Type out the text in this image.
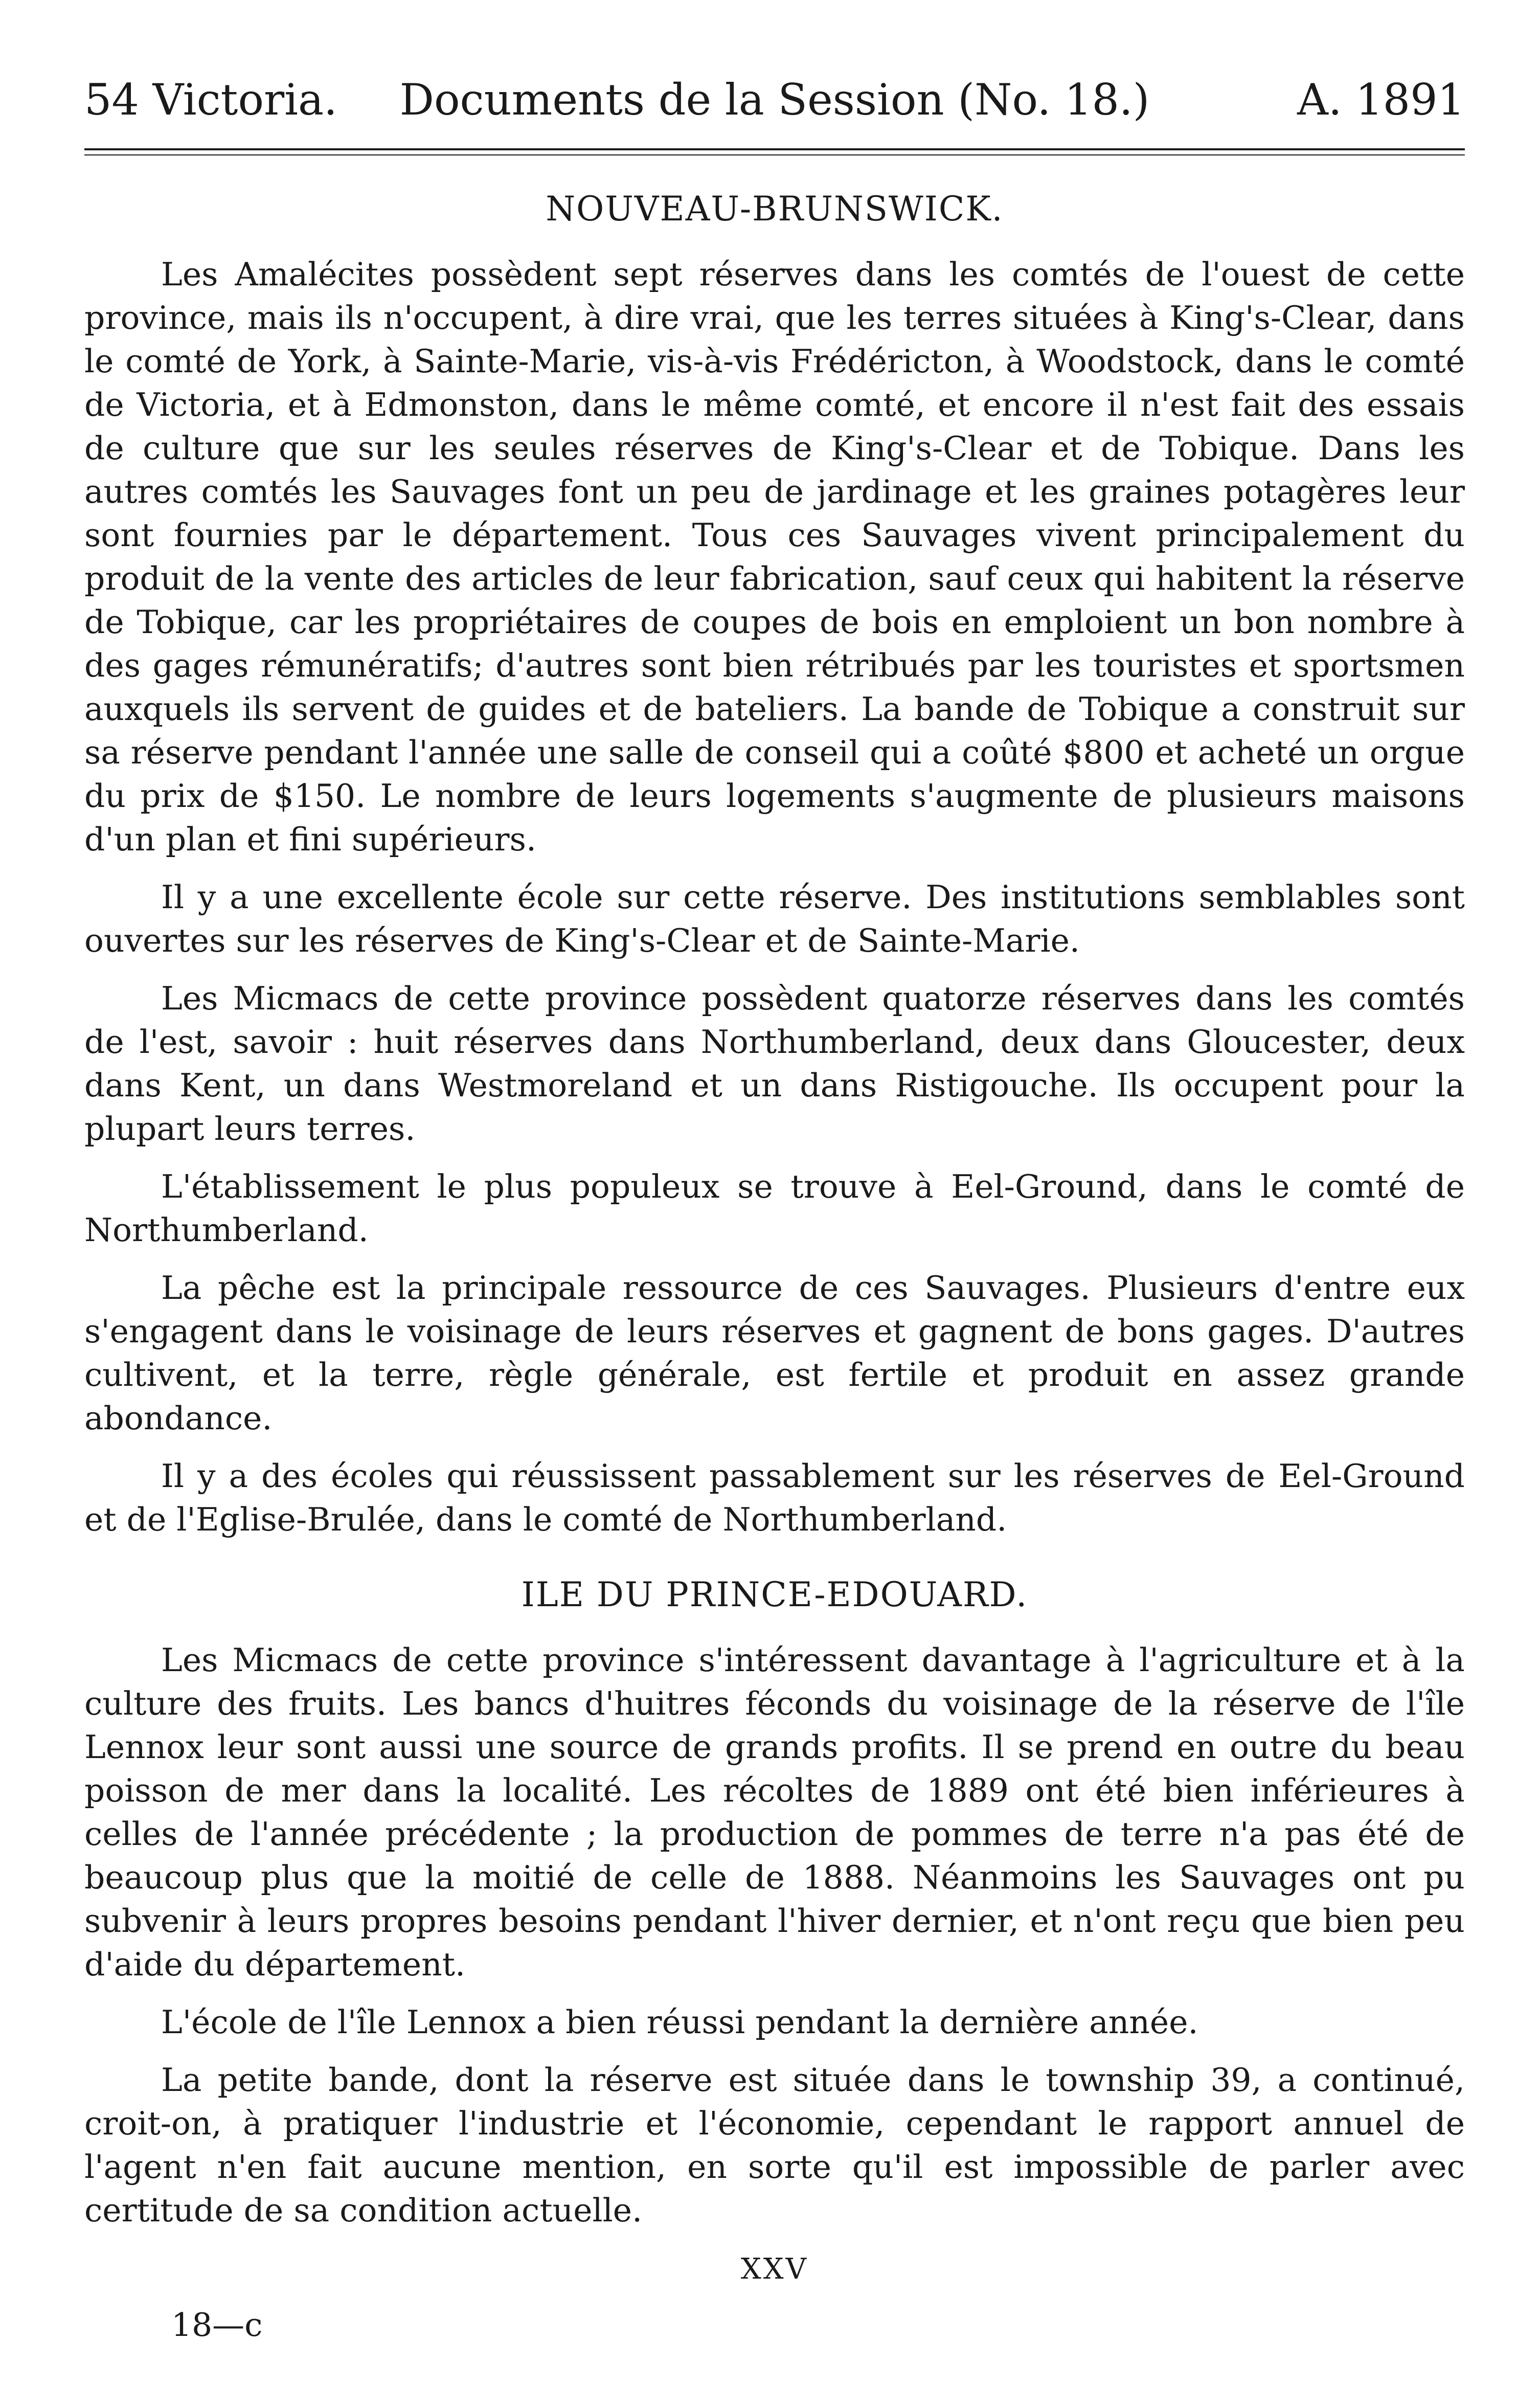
54 Victoria.	Documents de la Session (No. 18.)	A. 1891
NOUVEAU-BRUNSWICK.

Les Amalécites possèdent sept réserves dans les comtés de l'ouest de cette province, mais ils n'occupent, à dire vrai, que les terres situées à King's-Clear, dans le comté de York, à Sainte-Marie, vis-à-vis Frédéricton, à Woodstock, dans le comté de Victoria, et à Edmonston, dans le même comté, et encore il n'est fait des essais de culture que sur les seules réserves de King's-Clear et de Tobique. Dans les autres comtés les Sauvages font un peu de jardinage et les graines potagères leur sont fournies par le département. Tous ces Sauvages vivent principalement du produit de la vente des articles de leur fabrication, sauf ceux qui habitent la réserve de Tobique, car les propriétaires de coupes de bois en emploient un bon nombre à des gages rémunératifs; d'autres sont bien rétribués par les touristes et sportsmen auxquels ils servent de guides et de bateliers. La bande de Tobique a construit sur sa réserve pendant l'année une salle de conseil qui a coûté $800 et acheté un orgue du prix de $150. Le nombre de leurs logements s'augmente de plusieurs maisons d'un plan et fini supérieurs.

Il y a une excellente école sur cette réserve. Des institutions semblables sont ouvertes sur les réserves de King's-Clear et de Sainte-Marie.

Les Micmacs de cette province possèdent quatorze réserves dans les comtés de l'est, savoir : huit réserves dans Northumberland, deux dans Gloucester, deux dans Kent, un dans Westmoreland et un dans Ristigouche. Ils occupent pour la plupart leurs terres.

L'établissement le plus populeux se trouve à Eel-Ground, dans le comté de Northumberland.

La pêche est la principale ressource de ces Sauvages. Plusieurs d'entre eux s'engagent dans le voisinage de leurs réserves et gagnent de bons gages. D'autres cultivent, et la terre, règle générale, est fertile et produit en assez grande abondance.

Il y a des écoles qui réussissent passablement sur les réserves de Eel-Ground et de l'Eglise-Brulée, dans le comté de Northumberland.

ILE DU PRINCE-EDOUARD.

Les Micmacs de cette province s'intéressent davantage à l'agriculture et à la culture des fruits. Les bancs d'huitres féconds du voisinage de la réserve de l'île Lennox leur sont aussi une source de grands profits. Il se prend en outre du beau poisson de mer dans la localité. Les récoltes de 1889 ont été bien inférieures à celles de l'année précédente ; la production de pommes de terre n'a pas été de beaucoup plus que la moitié de celle de 1888. Néanmoins les Sauvages ont pu subvenir à leurs propres besoins pendant l'hiver dernier, et n'ont reçu que bien peu d'aide du département.

L'école de l'île Lennox a bien réussi pendant la dernière année.

La petite bande, dont la réserve est située dans le township 39, a continué, croit-on, à pratiquer l'industrie et l'économie, cependant le rapport annuel de l'agent n'en fait aucune mention, en sorte qu'il est impossible de parler avec certitude de sa condition actuelle.

XXV
18—c
